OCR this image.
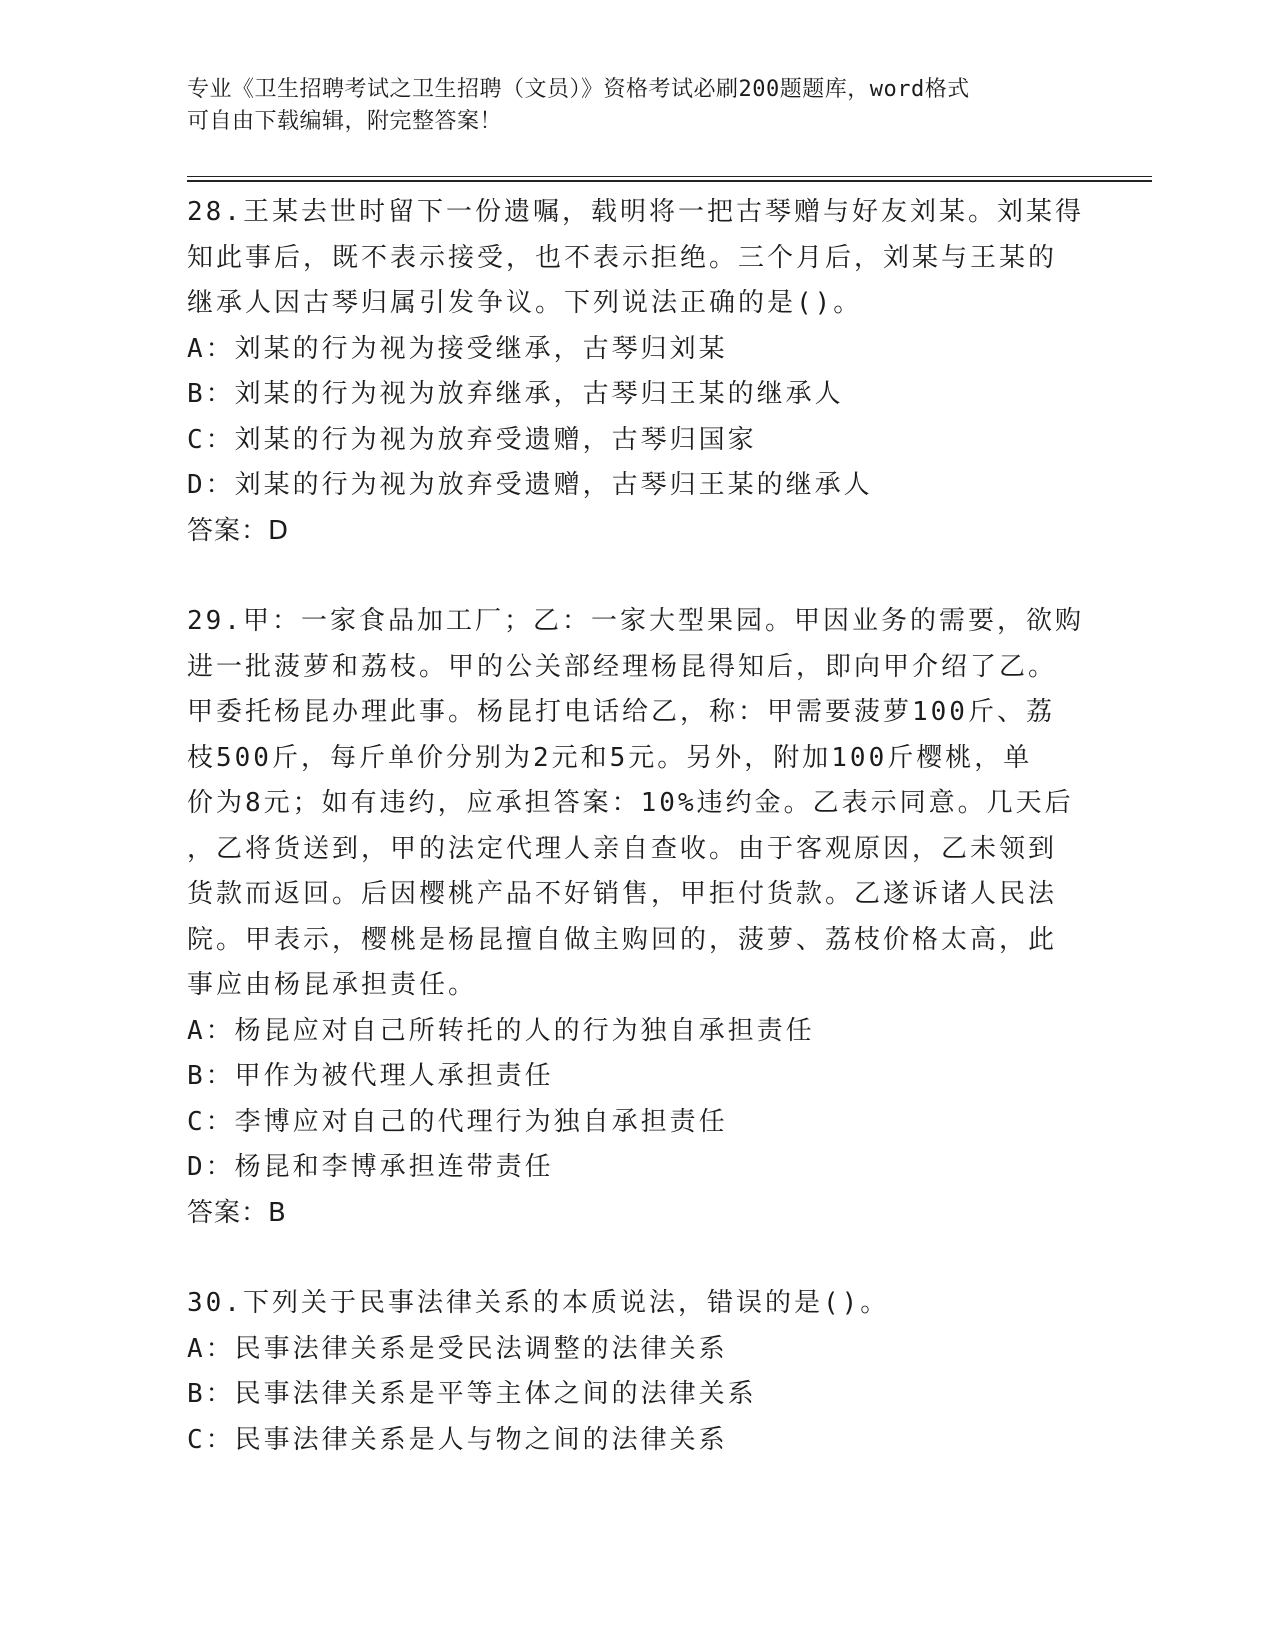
专业《卫生招聘考试之卫生招聘（文员）》资格考试必刷200题题库，word格式
可自由下载编辑，附完整答案！
28.王某去世时留下一份遗嘱，载明将一把古琴赠与好友刘某。刘某得
知此事后，既不表示接受，也不表示拒绝。三个月后，刘某与王某的
继承人因古琴归属引发争议。下列说法正确的是()。
A：刘某的行为视为接受继承，古琴归刘某
B：刘某的行为视为放弃继承，古琴归王某的继承人
C：刘某的行为视为放弃受遗赠，古琴归国家
D：刘某的行为视为放弃受遗赠，古琴归王某的继承人
答案：D
29.甲：一家食品加工厂；乙：一家大型果园。甲因业务的需要，欲购
进一批菠萝和荔枝。甲的公关部经理杨昆得知后，即向甲介绍了乙。
甲委托杨昆办理此事。杨昆打电话给乙，称：甲需要菠萝100斤、荔
枝500斤，每斤单价分别为2元和5元。另外，附加100斤樱桃，单
价为8元；如有违约，应承担答案：10%违约金。乙表示同意。几天后
，乙将货送到，甲的法定代理人亲自查收。由于客观原因，乙未领到
货款而返回。后因樱桃产品不好销售，甲拒付货款。乙遂诉诸人民法
院。甲表示，樱桃是杨昆擅自做主购回的，菠萝、荔枝价格太高，此
事应由杨昆承担责任。
A：杨昆应对自己所转托的人的行为独自承担责任
B：甲作为被代理人承担责任
C：李博应对自己的代理行为独自承担责任
D：杨昆和李博承担连带责任
答案：B
30.下列关于民事法律关系的本质说法，错误的是()。
A：民事法律关系是受民法调整的法律关系
B：民事法律关系是平等主体之间的法律关系
C：民事法律关系是人与物之间的法律关系
